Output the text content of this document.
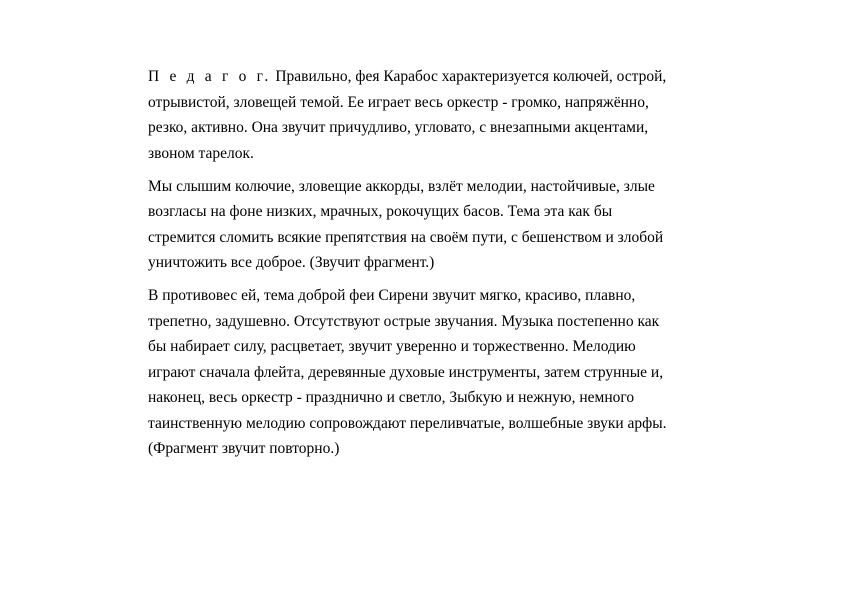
П е д а г о г. Правильно, фея Карабос характеризуется колючей, острой,
отрывистой, зловещей темой. Ее играет весь оркестр - громко, напряжённо,
резко, активно. Она звучит причудливо, угловато, с внезапными акцентами,
звоном тарелок.

Мы слышим колючие, зловещие аккорды, взлёт мелодии, настойчивые, злые
возгласы на фоне низких, мрачных, рокочущих басов. Тема эта как бы
стремится сломить всякие препятствия на своём пути, с бешенством и злобой
уничтожить все доброе. (Звучит фрагмент.)

В противовес ей, тема доброй феи Сирени звучит мягко, красиво, плавно,
трепетно, задушевно. Отсутствуют острые звучания. Музыка постепенно как
бы набирает силу, расцветает, звучит уверенно и торжественно. Мелодию
играют сначала флейта, деревянные духовые инструменты, затем струнные и,
наконец, весь оркестр - празднично и светло, Зыбкую и нежную, немного
таинственную мелодию сопровождают переливчатые, волшебные звуки арфы.
(Фрагмент звучит повторно.)
